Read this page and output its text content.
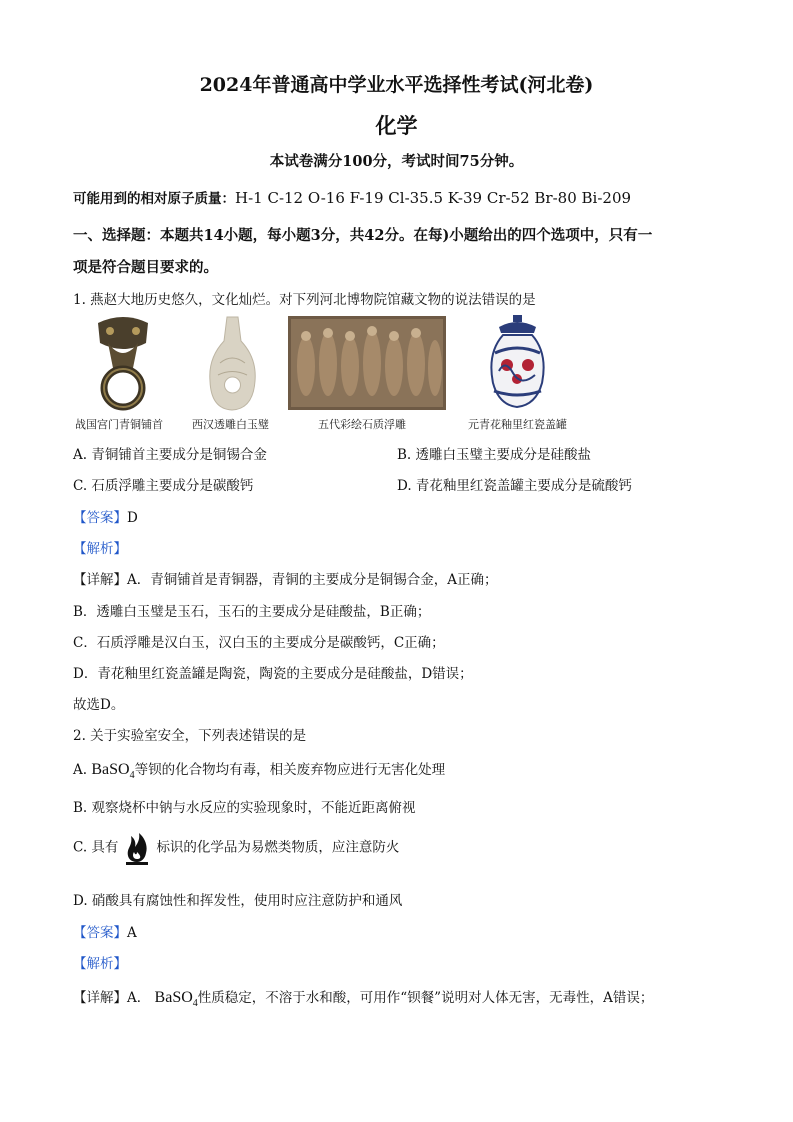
2024年普通高中学业水平选择性考试(河北卷)
化学
本试卷满分100分，考试时间75分钟。
可能用到的相对原子质量：H-1 C-12 O-16 F-19 Cl-35.5 K-39 Cr-52 Br-80 Bi-209
一、选择题：本题共14小题，每小题3分，共42分。在每)小题给出的四个选项中，只有一
项是符合题目要求的。
1. 燕赵大地历史悠久，文化灿烂。对下列河北博物院馆藏文物的说法错误的是
战国宫门青铜铺首	西汉透雕白玉璧	五代彩绘石质浮雕	元青花釉里红瓷盖罐
A. 青铜铺首主要成分是铜锡合金	B. 透雕白玉璧主要成分是硅酸盐
C. 石质浮雕主要成分是碳酸钙	D. 青花釉里红瓷盖罐主要成分是硫酸钙
【答案】D
【解析】
【详解】A．青铜铺首是青铜器，青铜的主要成分是铜锡合金，A正确；
B．透雕白玉璧是玉石，玉石的主要成分是硅酸盐，B正确；
C．石质浮雕是汉白玉，汉白玉的主要成分是碳酸钙，C正确；
D．青花釉里红瓷盖罐是陶瓷，陶瓷的主要成分是硅酸盐，D错误；
故选D。
2. 关于实验室安全，下列表述错误的是
A. BaSO$_4$等钡的化合物均有毒，相关废弃物应进行无害化处理
B. 观察烧杯中钠与水反应的实验现象时，不能近距离俯视
C. 具有	标识的化学品为易燃类物质，应注意防火
D. 硝酸具有腐蚀性和挥发性，使用时应注意防护和通风
【答案】A
【解析】
【详解】A． BaSO$_4$性质稳定，不溶于水和酸，可用作“钡餐”说明对人体无害，无毒性，A错误；
